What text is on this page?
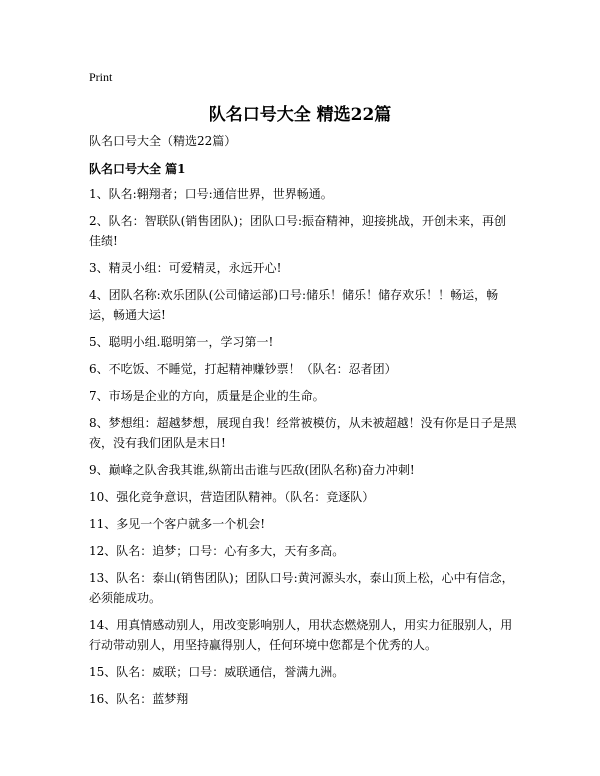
Print
队名口号大全 精选22篇

队名口号大全（精选22篇）

队名口号大全 篇1

1、队名:翱翔者；口号:通信世界，世界畅通。
2、队名：智联队(销售团队)；团队口号:振奋精神，迎接挑战，开创未来，再创佳绩!
3、精灵小组：可爱精灵，永远开心!
4、团队名称:欢乐团队(公司储运部)口号:储乐！储乐！储存欢乐！！畅运，畅运，畅通大运!
5、聪明小组.聪明第一，学习第一!
6、不吃饭、不睡觉，打起精神赚钞票！（队名：忍者团）
7、市场是企业的方向，质量是企业的生命。
8、梦想组：超越梦想，展现自我！经常被模仿，从未被超越！没有你是日子是黑夜，没有我们团队是末日!
9、巅峰之队舍我其谁,纵箭出击谁与匹敌(团队名称)奋力冲刺!
10、强化竞争意识，营造团队精神。（队名：竞逐队）
11、多见一个客户就多一个机会!
12、队名：追梦；口号：心有多大，天有多高。
13、队名：泰山(销售团队)；团队口号:黄河源头水，泰山顶上松，心中有信念，必须能成功。
14、用真情感动别人，用改变影响别人，用状态燃烧别人，用实力征服别人，用行动带动别人，用坚持赢得别人，任何环境中您都是个优秀的人。
15、队名：威联；口号：威联通信，誉满九洲。
16、队名：蓝梦翔
